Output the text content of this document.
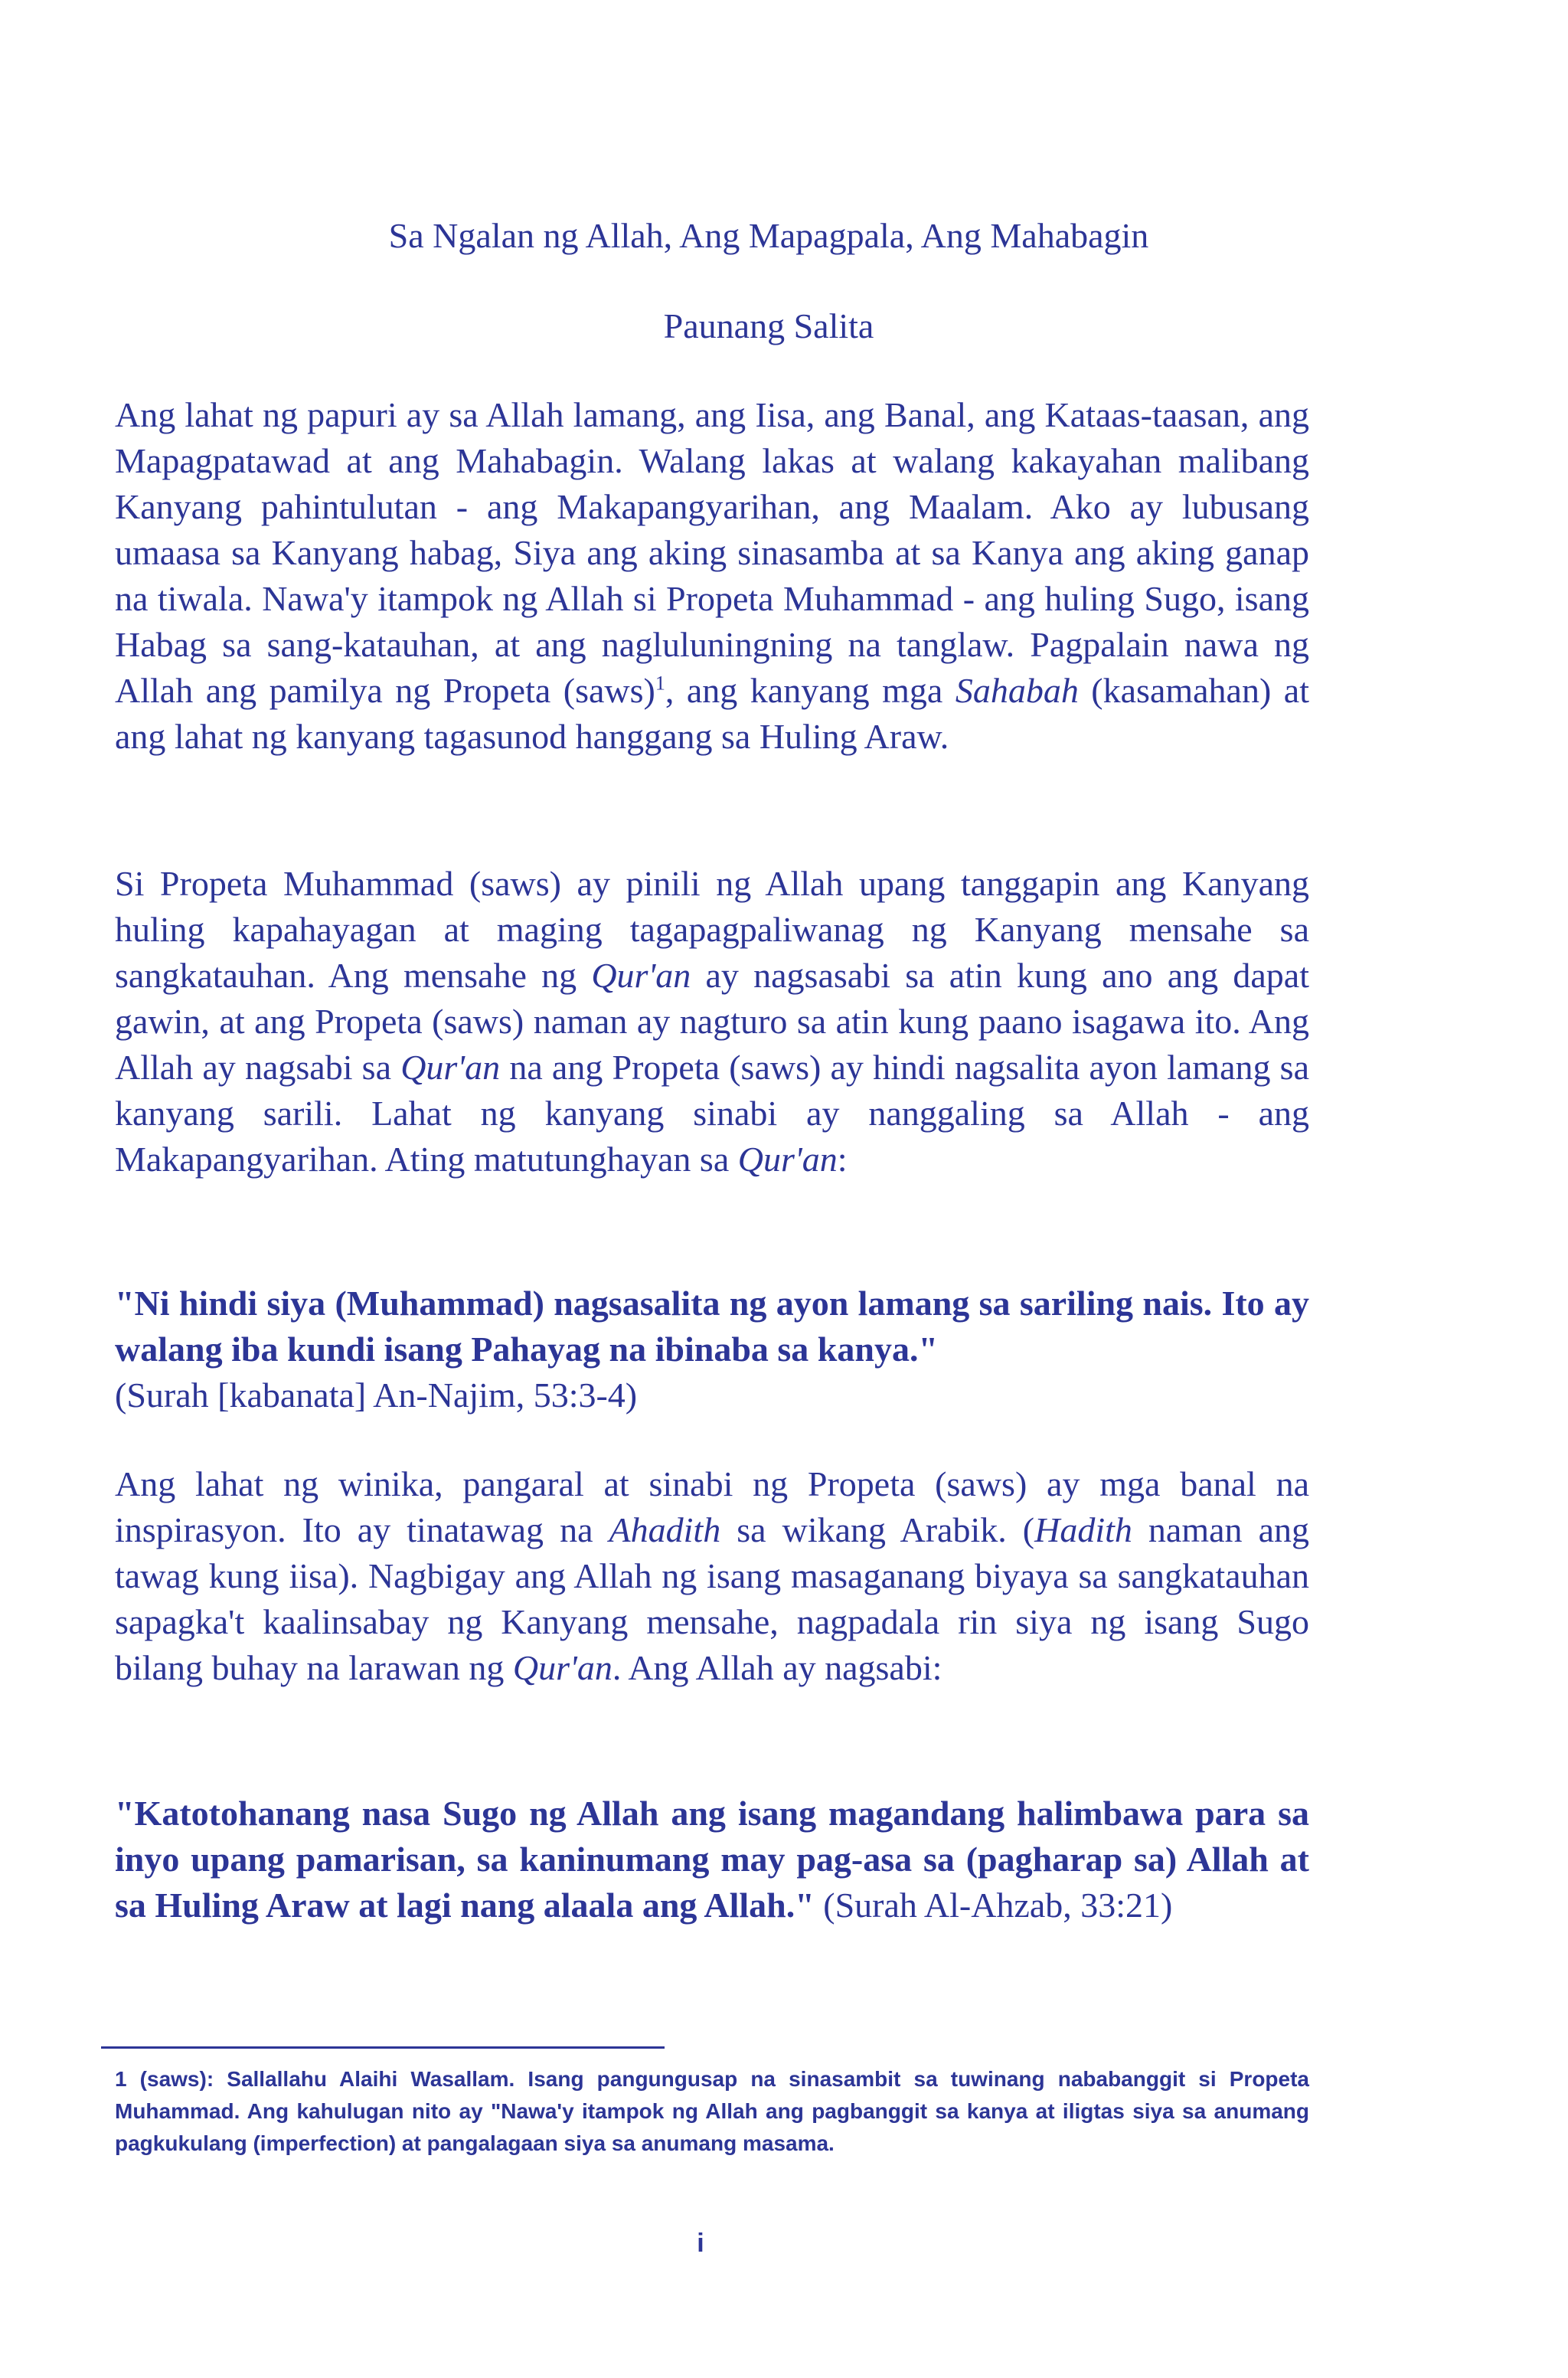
Sa Ngalan ng Allah, Ang Mapagpala, Ang Mahabagin

Paunang Salita

Ang lahat ng papuri ay sa Allah lamang, ang Iisa, ang Banal, ang Kataas-taasan, ang Mapagpatawad at ang Mahabagin. Walang lakas at walang kakayahan malibang Kanyang pahintulutan - ang Makapangyarihan, ang Maalam. Ako ay lubusang umaasa sa Kanyang habag, Siya ang aking sinasamba at sa Kanya ang aking ganap na tiwala. Nawa'y itampok ng Allah si Propeta Muhammad - ang huling Sugo, isang Habag sa sang-katauhan, at ang nagluluningning na tanglaw. Pagpalain nawa ng Allah ang pamilya ng Propeta (saws)$^1$, ang kanyang mga Sahabah (kasamahan) at ang lahat ng kanyang tagasunod hanggang sa Huling Araw.

Si Propeta Muhammad (saws) ay pinili ng Allah upang tanggapin ang Kanyang huling kapahayagan at maging tagapagpaliwanag ng Kanyang mensahe sa sangkatauhan. Ang mensahe ng Qur'an ay nagsasabi sa atin kung ano ang dapat gawin, at ang Propeta (saws) naman ay nagturo sa atin kung paano isagawa ito. Ang Allah ay nagsabi sa Qur'an na ang Propeta (saws) ay hindi nagsalita ayon lamang sa kanyang sarili. Lahat ng kanyang sinabi ay nanggaling sa Allah - ang Makapangyarihan. Ating matutunghayan sa Qur'an:

"Ni hindi siya (Muhammad) nagsasalita ng ayon lamang sa sariling nais. Ito ay walang iba kundi isang Pahayag na ibinaba sa kanya."
(Surah [kabanata] An-Najim, 53:3-4)

Ang lahat ng winika, pangaral at sinabi ng Propeta (saws) ay mga banal na inspirasyon. Ito ay tinatawag na Ahadith sa wikang Arabik. (Hadith naman ang tawag kung iisa). Nagbigay ang Allah ng isang masaganang biyaya sa sangkatauhan sapagka't kaalinsabay ng Kanyang mensahe, nagpadala rin siya ng isang Sugo bilang buhay na larawan ng Qur'an. Ang Allah ay nagsabi:

"Katotohanang nasa Sugo ng Allah ang isang magandang halimbawa para sa inyo upang pamarisan, sa kaninumang may pag-asa sa (pagharap sa) Allah at sa Huling Araw at lagi nang alaala ang Allah." (Surah Al-Ahzab, 33:21)

1 (saws): Sallallahu Alaihi Wasallam. Isang pangungusap na sinasambit sa tuwinang nababanggit si Propeta Muhammad. Ang kahulugan nito ay "Nawa'y itampok ng Allah ang pagbanggit sa kanya at iligtas siya sa anumang pagkukulang (imperfection) at pangalagaan siya sa anumang masama.

i
